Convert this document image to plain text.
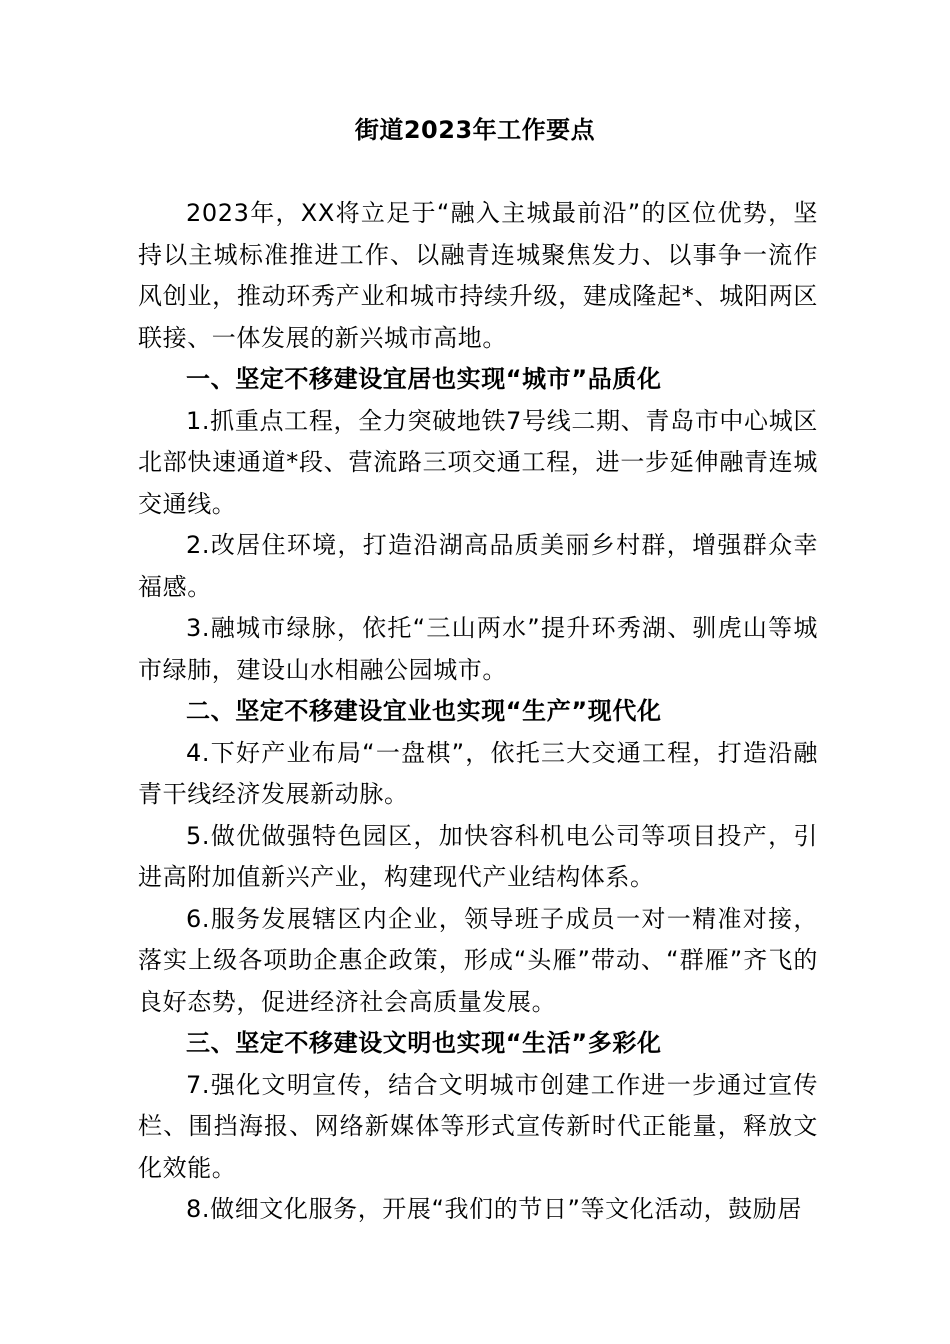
街道2023年工作要点

2023年，XX将立足于“融入主城最前沿”的区位优势，坚持以主城标准推进工作、以融青连城聚焦发力、以事争一流作风创业，推动环秀产业和城市持续升级，建成隆起*、城阳两区联接、一体发展的新兴城市高地。

一、坚定不移建设宜居也实现“城市”品质化

1.抓重点工程，全力突破地铁7号线二期、青岛市中心城区北部快速通道*段、营流路三项交通工程，进一步延伸融青连城交通线。

2.改居住环境，打造沿湖高品质美丽乡村群，增强群众幸福感。

3.融城市绿脉，依托“三山两水”提升环秀湖、驯虎山等城市绿肺，建设山水相融公园城市。

二、坚定不移建设宜业也实现“生产”现代化

4.下好产业布局“一盘棋”，依托三大交通工程，打造沿融青干线经济发展新动脉。

5.做优做强特色园区，加快容科机电公司等项目投产，引进高附加值新兴产业，构建现代产业结构体系。

6.服务发展辖区内企业，领导班子成员一对一精准对接，落实上级各项助企惠企政策，形成“头雁”带动、“群雁”齐飞的良好态势，促进经济社会高质量发展。

三、坚定不移建设文明也实现“生活”多彩化

7.强化文明宣传，结合文明城市创建工作进一步通过宣传栏、围挡海报、网络新媒体等形式宣传新时代正能量，释放文化效能。

8.做细文化服务，开展“我们的节日”等文化活动，鼓励居
